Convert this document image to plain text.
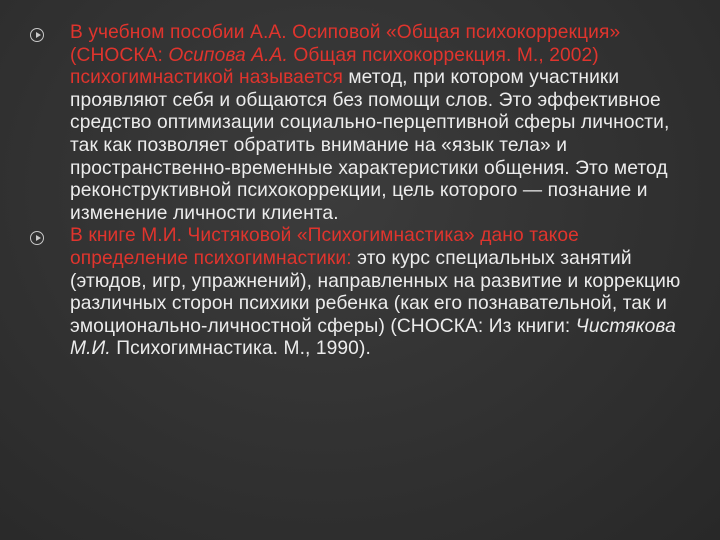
В учебном пособии А.А. Осиповой «Общая психокоррекция» (СНОСКА: Осипова А.А. Общая психокоррекция. М., 2002) психогимнастикой называется метод, при котором участники проявляют себя и общаются без помощи слов. Это эффективное средство оптимизации социально-перцептивной сферы личности, так как позволяет обратить внимание на «язык тела» и пространственно-временные характеристики общения. Это метод реконструктивной психокоррекции, цель которого — познание и изменение личности клиента.
В книге М.И. Чистяковой «Психогимнастика» дано такое определение психогимнастики: это курс специальных занятий (этюдов, игр, упражнений), направленных на развитие и коррекцию различных сторон психики ребенка (как его познавательной, так и эмоционально-личностной сферы) (СНОСКА: Из книги: Чистякова М.И. Психогимнастика. М., 1990).
